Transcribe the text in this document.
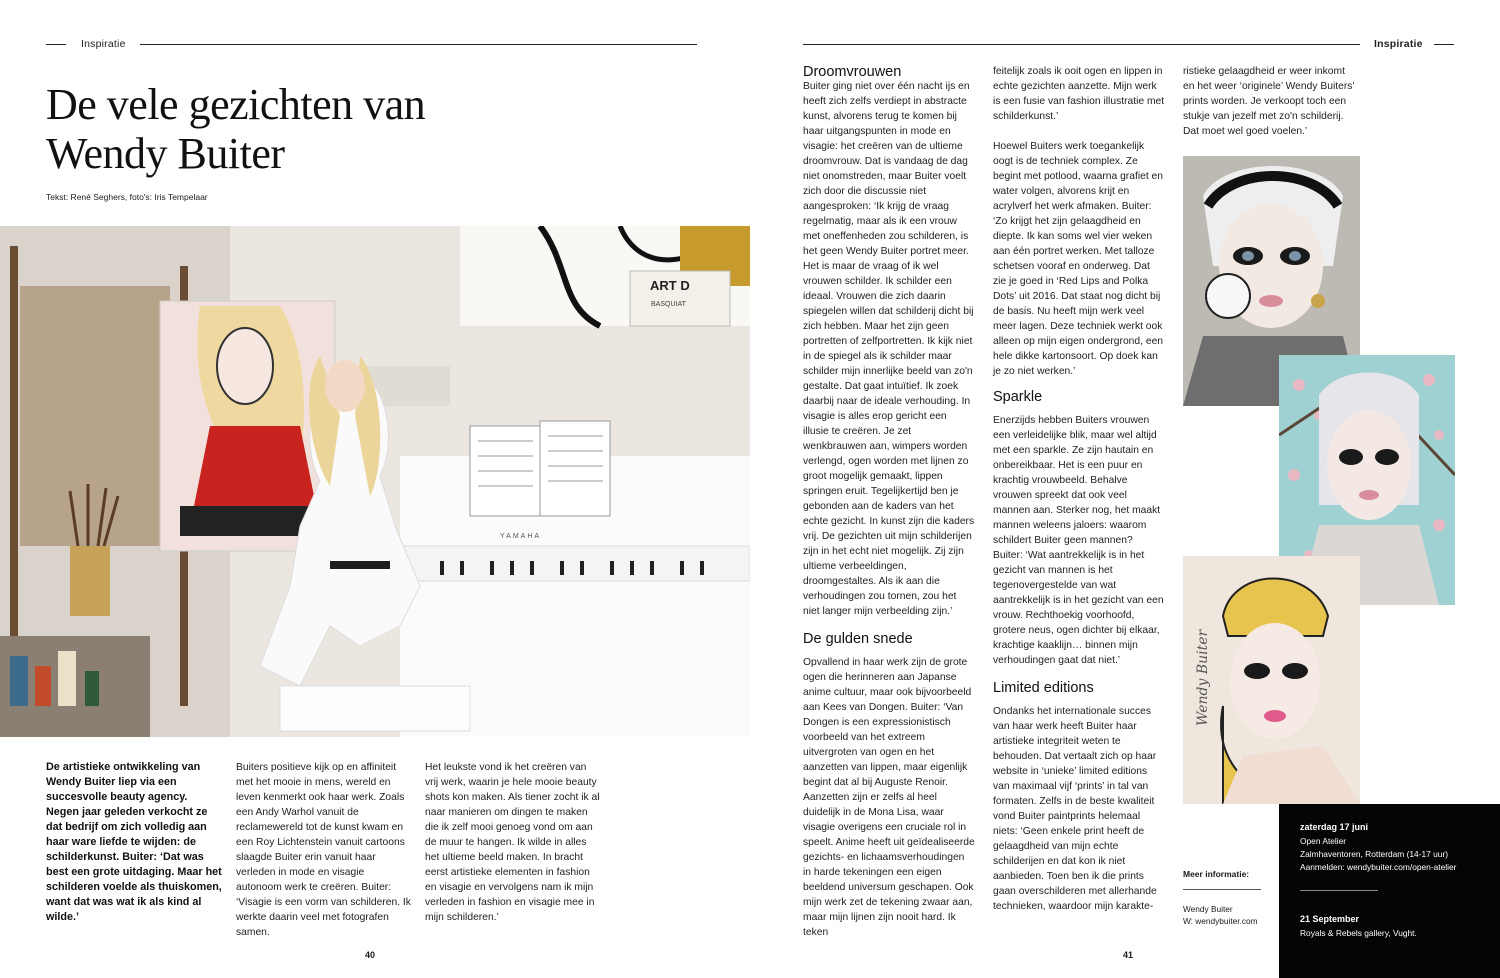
Inspiratie
De vele gezichten van
Wendy Buiter
Tekst: René Seghers, foto's: Iris Tempelaar
ART D
BASQUIAT
YAMAHA
De artistieke ontwikkeling van Wendy Buiter liep via een succesvolle beauty agency. Negen jaar geleden verkocht ze dat bedrijf om zich volledig aan haar ware liefde te wijden: de schilderkunst. Buiter: ‘Dat was best een grote uitdaging. Maar het schilderen voelde als thuiskomen, want dat was wat ik als kind al wilde.’
Buiters positieve kijk op en affiniteit met het mooie in mens, wereld en leven kenmerkt ook haar werk. Zoals een Andy Warhol vanuit de reclamewereld tot de kunst kwam en een Roy Lichtenstein vanuit cartoons slaagde Buiter erin vanuit haar verleden in mode en visagie autonoom werk te creëren. Buiter: ‘Visagie is een vorm van schilderen. Ik werkte daarin veel met fotografen samen.
Het leukste vond ik het creëren van vrij werk, waarin je hele mooie beauty shots kon maken. Als tiener zocht ik al naar manieren om dingen te maken die ik zelf mooi genoeg vond om aan de muur te hangen. Ik wilde in alles het ultieme beeld maken. In bracht eerst artistieke elementen in fashion en visagie en vervolgens nam ik mijn verleden in fashion en visagie mee in mijn schilderen.’
40
Inspiratie
Droomvrouwen
Buiter ging niet over één nacht ijs en heeft zich zelfs verdiept in abstracte kunst, alvorens terug te komen bij haar uitgangspunten in mode en visagie: het creëren van de ultieme droomvrouw. Dat is vandaag de dag niet onomstreden, maar Buiter voelt zich door die discussie niet aangesproken: ‘Ik krijg de vraag regelmatig, maar als ik een vrouw met oneffenheden zou schilderen, is het geen Wendy Buiter portret meer. Het is maar de vraag of ik wel vrouwen schilder. Ik schilder een ideaal. Vrouwen die zich daarin spiegelen willen dat schilderij dicht bij zich hebben. Maar het zijn geen portretten of zelfportretten. Ik kijk niet in de spiegel als ik schilder maar schilder mijn innerlijke beeld van zo'n gestalte. Dat gaat intuïtief. Ik zoek daarbij naar de ideale verhouding. In visagie is alles erop gericht een illusie te creëren. Je zet wenkbrauwen aan, wimpers worden verlengd, ogen worden met lijnen zo groot mogelijk gemaakt, lippen springen eruit. Tegelijkertijd ben je gebonden aan de kaders van het echte gezicht. In kunst zijn die kaders vrij. De gezichten uit mijn schilderijen zijn in het echt niet mogelijk. Zij zijn ultieme verbeeldingen, droomgestaltes. Als ik aan die verhoudingen zou tornen, zou het niet langer mijn verbeelding zijn.’
De gulden snede
Opvallend in haar werk zijn de grote ogen die herinneren aan Japanse anime cultuur, maar ook bijvoorbeeld aan Kees van Dongen. Buiter: ‘Van Dongen is een expressionistisch voorbeeld van het extreem uitvergroten van ogen en het aanzetten van lippen, maar eigenlijk begint dat al bij Auguste Renoir. Aanzetten zijn er zelfs al heel duidelijk in de Mona Lisa, waar visagie overigens een cruciale rol in speelt. Anime heeft uit geïdealiseerde gezichts- en lichaamsverhoudingen in harde tekeningen een eigen beeldend universum geschapen. Ook mijn werk zet de tekening zwaar aan, maar mijn lijnen zijn nooit hard. Ik teken
feitelijk zoals ik ooit ogen en lippen in echte gezichten aanzette. Mijn werk is een fusie van fashion illustratie met schilderkunst.’
Hoewel Buiters werk toegankelijk oogt is de techniek complex. Ze begint met potlood, waarna grafiet en water volgen, alvorens krijt en acrylverf het werk afmaken. Buiter: ‘Zo krijgt het zijn gelaagdheid en diepte. Ik kan soms wel vier weken aan één portret werken. Met talloze schetsen vooraf en onderweg. Dat zie je goed in ‘Red Lips and Polka Dots’ uit 2016. Dat staat nog dicht bij de basis. Nu heeft mijn werk veel meer lagen. Deze techniek werkt ook alleen op mijn eigen ondergrond, een hele dikke kartonsoort. Op doek kan je zo niet werken.’
Sparkle
Enerzijds hebben Buiters vrouwen een verleidelijke blik, maar wel altijd met een sparkle. Ze zijn hautain en onbereikbaar. Het is een puur en krachtig vrouwbeeld. Behalve vrouwen spreekt dat ook veel mannen aan. Sterker nog, het maakt mannen weleens jaloers: waarom schildert Buiter geen mannen? Buiter: ‘Wat aantrekkelijk is in het gezicht van mannen is het tegenovergestelde van wat aantrekkelijk is in het gezicht van een vrouw. Rechthoekig voorhoofd, grotere neus, ogen dichter bij elkaar, krachtige kaaklijn… binnen mijn verhoudingen gaat dat niet.’
Limited editions
Ondanks het internationale succes van haar werk heeft Buiter haar artistieke integriteit weten te behouden. Dat vertaalt zich op haar website in ‘unieke’ limited editions van maximaal vijf ‘prints’ in tal van formaten. Zelfs in de beste kwaliteit vond Buiter paintprints helemaal niets: ‘Geen enkele print heeft de gelaagdheid van mijn echte schilderijen en dat kon ik niet aanbieden. Toen ben ik die prints gaan overschilderen met allerhande technieken, waardoor mijn karakte-
ristieke gelaagdheid er weer inkomt en het weer ‘originele’ Wendy Buiters’ prints worden. Je verkoopt toch een stukje van jezelf met zo'n schilderij. Dat moet wel goed voelen.’
Wendy Buiter
Meer informatie:
Wendy Buiter
W: wendybuiter.com
zaterdag 17 juni
Open Atelier
Zalmhaventoren, Rotterdam (14-17 uur)
Aanmelden: wendybuiter.com/open-atelier
21 September
Royals & Rebels gallery, Vught.
41
